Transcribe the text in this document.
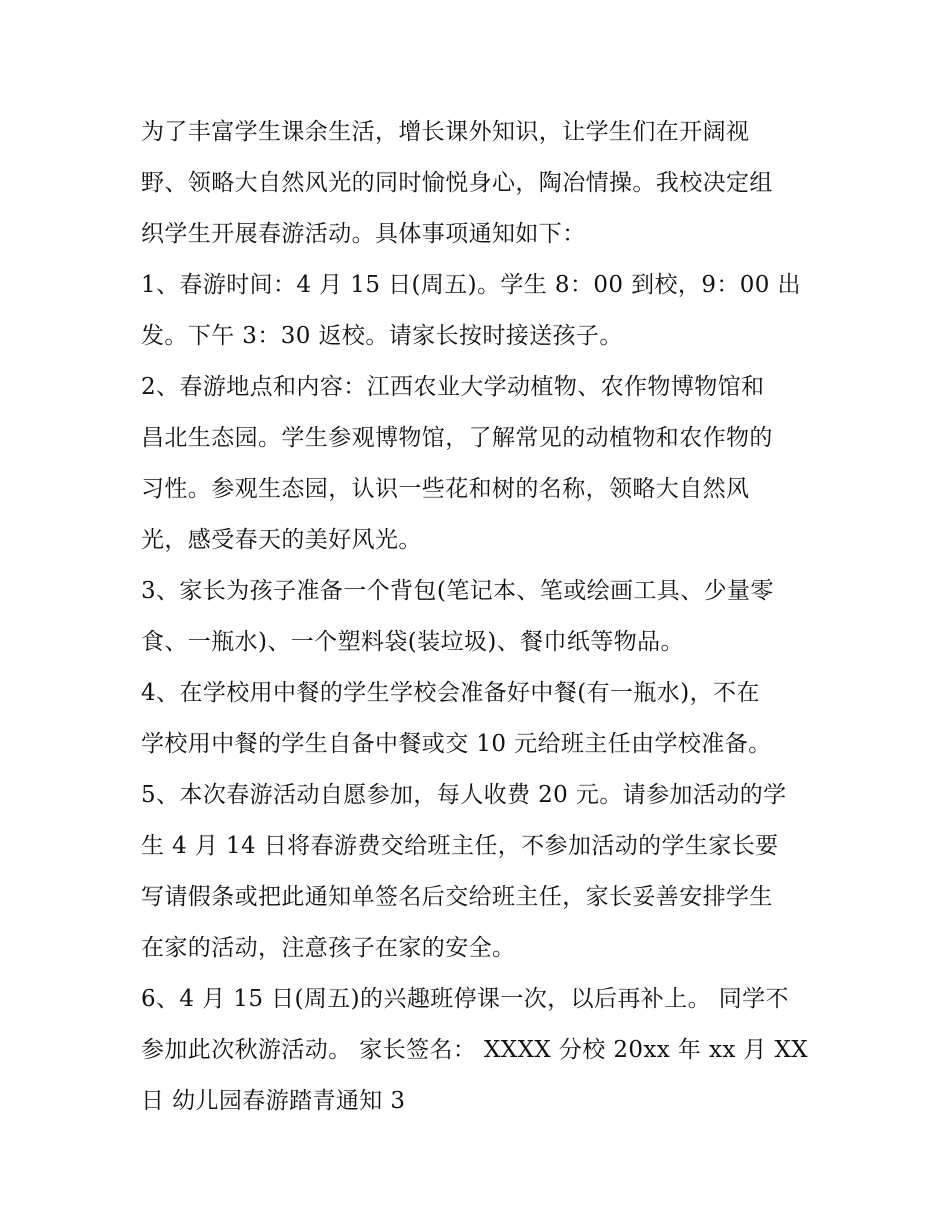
为了丰富学生课余生活，增长课外知识，让学生们在开阔视
野、领略大自然风光的同时愉悦身心，陶冶情操。我校决定组
织学生开展春游活动。具体事项通知如下：
1、春游时间：4 月 15 日(周五)。学生 8：00 到校，9：00 出
发。下午 3：30 返校。请家长按时接送孩子。
2、春游地点和内容：江西农业大学动植物、农作物博物馆和
昌北生态园。学生参观博物馆，了解常见的动植物和农作物的
习性。参观生态园，认识一些花和树的名称，领略大自然风
光，感受春天的美好风光。
3、家长为孩子准备一个背包(笔记本、笔或绘画工具、少量零
食、一瓶水)、一个塑料袋(装垃圾)、餐巾纸等物品。
4、在学校用中餐的学生学校会准备好中餐(有一瓶水)，不在
学校用中餐的学生自备中餐或交 10 元给班主任由学校准备。
5、本次春游活动自愿参加，每人收费 20 元。请参加活动的学
生 4 月 14 日将春游费交给班主任，不参加活动的学生家长要
写请假条或把此通知单签名后交给班主任，家长妥善安排学生
在家的活动，注意孩子在家的安全。
6、4 月 15 日(周五)的兴趣班停课一次，以后再补上。 同学不
参加此次秋游活动。 家长签名： XXXX 分校 20xx 年 xx 月 XX
日 幼儿园春游踏青通知 3
